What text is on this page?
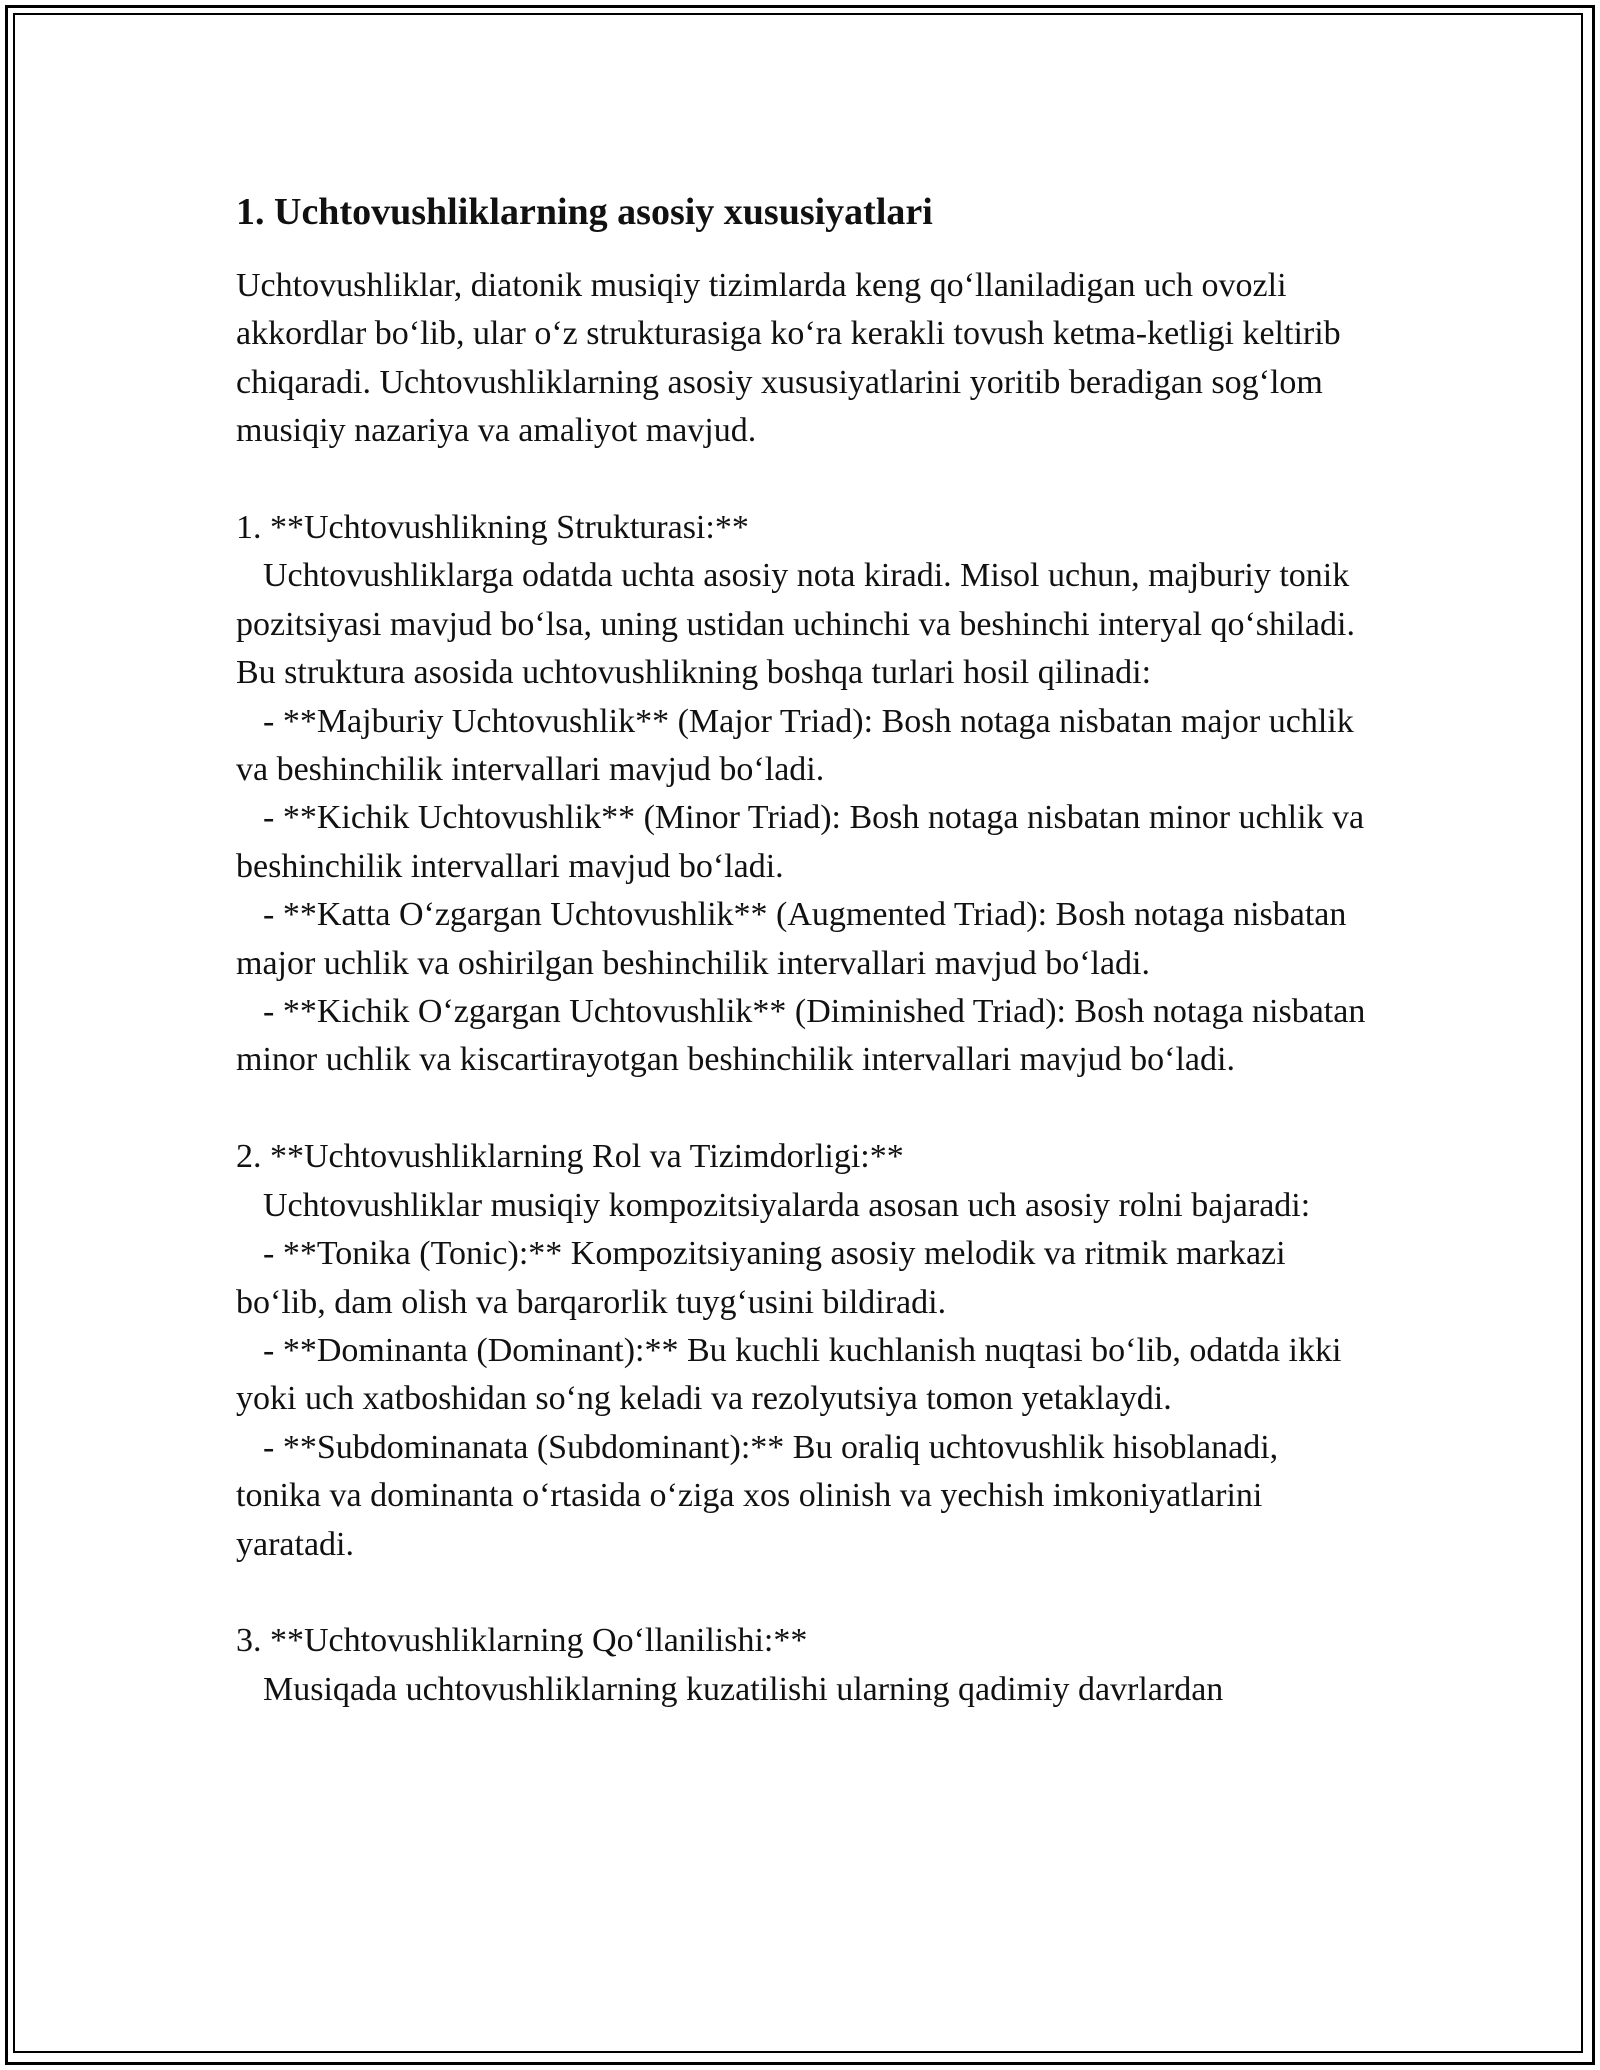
1. Uchtovushliklarning asosiy xususiyatlari

Uchtovushliklar, diatonik musiqiy tizimlarda keng qo‘llaniladigan uch ovozli akkordlar bo‘lib, ular o‘z strukturasiga ko‘ra kerakli tovush ketma-ketligi keltirib chiqaradi. Uchtovushliklarning asosiy xususiyatlarini yoritib beradigan sog‘lom musiqiy nazariya va amaliyot mavjud.

1. **Uchtovushlikning Strukturasi:**

Uchtovushliklarga odatda uchta asosiy nota kiradi. Misol uchun, majburiy tonik pozitsiyasi mavjud bo‘lsa, uning ustidan uchinchi va beshinchi interyal qo‘shiladi. Bu struktura asosida uchtovushlikning boshqa turlari hosil qilinadi:

- **Majburiy Uchtovushlik** (Major Triad): Bosh notaga nisbatan major uchlik va beshinchilik intervallari mavjud bo‘ladi.

- **Kichik Uchtovushlik** (Minor Triad): Bosh notaga nisbatan minor uchlik va beshinchilik intervallari mavjud bo‘ladi.

- **Katta O‘zgargan Uchtovushlik** (Augmented Triad): Bosh notaga nisbatan major uchlik va oshirilgan beshinchilik intervallari mavjud bo‘ladi.

- **Kichik O‘zgargan Uchtovushlik** (Diminished Triad): Bosh notaga nisbatan minor uchlik va kiscartirayotgan beshinchilik intervallari mavjud bo‘ladi.

2. **Uchtovushliklarning Rol va Tizimdorligi:**

Uchtovushliklar musiqiy kompozitsiyalarda asosan uch asosiy rolni bajaradi:

- **Tonika (Tonic):** Kompozitsiyaning asosiy melodik va ritmik markazi bo‘lib, dam olish va barqarorlik tuyg‘usini bildiradi.

- **Dominanta (Dominant):** Bu kuchli kuchlanish nuqtasi bo‘lib, odatda ikki yoki uch xatboshidan so‘ng keladi va rezolyutsiya tomon yetaklaydi.

- **Subdominanata (Subdominant):** Bu oraliq uchtovushlik hisoblanadi, tonika va dominanta o‘rtasida o‘ziga xos olinish va yechish imkoniyatlarini yaratadi.

3. **Uchtovushliklarning Qo‘llanilishi:**

Musiqada uchtovushliklarning kuzatilishi ularning qadimiy davrlardan
